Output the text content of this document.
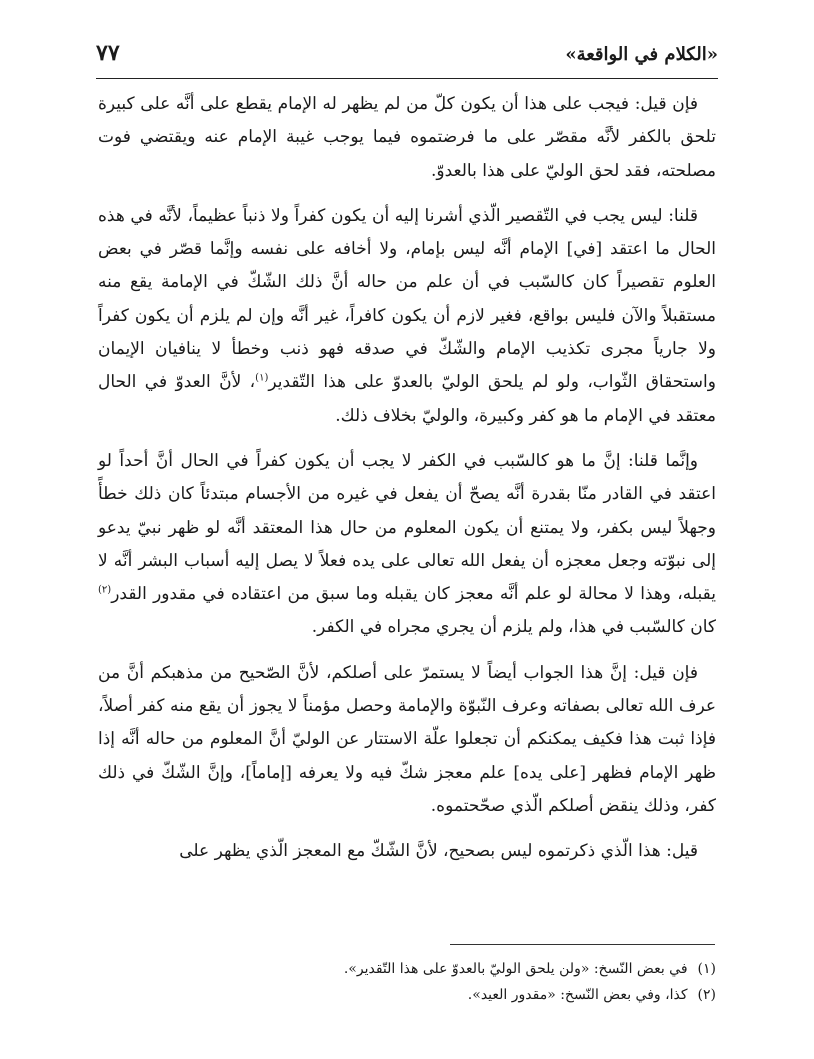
«الكلام في الواقعة»
٧٧

فإن قيل: فيجب على هذا أن يكون كلّ من لم يظهر له الإمام يقطع على أنَّه على كبيرة تلحق بالكفر لأنَّه مقصّر على ما فرضتموه فيما يوجب غيبة الإمام عنه ويقتضي فوت مصلحته، فقد لحق الوليّ على هذا بالعدوّ.

قلنا: ليس يجب في التّقصير الّذي أشرنا إليه أن يكون كفراً ولا ذنباً عظيماً، لأنَّه في هذه الحال ما اعتقد [في] الإمام أنَّه ليس بإمام، ولا أخافه على نفسه وإنَّما قصّر في بعض العلوم تقصيراً كان كالسّبب في أن علم من حاله أنَّ ذلك الشّكّ في الإمامة يقع منه مستقبلاً والآن فليس بواقع، فغير لازم أن يكون كافراً، غير أنَّه وإن لم يلزم أن يكون كفراً ولا جارياً مجرى تكذيب الإمام والشّكّ في صدقه فهو ذنب وخطأ لا ينافيان الإيمان واستحقاق الثّواب، ولو لم يلحق الوليّ بالعدوّ على هذا التّقدير$^{(١)}$، لأنَّ العدوّ في الحال معتقد في الإمام ما هو كفر وكبيرة، والوليّ بخلاف ذلك.

وإنَّما قلنا: إنَّ ما هو كالسّبب في الكفر لا يجب أن يكون كفراً في الحال أنَّ أحداً لو اعتقد في القادر منّا بقدرة أنَّه يصحّ أن يفعل في غيره من الأجسام مبتدئاً كان ذلك خطأً وجهلاً ليس بكفر، ولا يمتنع أن يكون المعلوم من حال هذا المعتقد أنَّه لو ظهر نبيّ يدعو إلى نبوّته وجعل معجزه أن يفعل الله تعالى على يده فعلاً لا يصل إليه أسباب البشر أنَّه لا يقبله، وهذا لا محالة لو علم أنَّه معجز كان يقبله وما سبق من اعتقاده في مقدور القدر$^{(٢)}$ كان كالسّبب في هذا، ولم يلزم أن يجري مجراه في الكفر.

فإن قيل: إنَّ هذا الجواب أيضاً لا يستمرّ على أصلكم، لأنَّ الصّحيح من مذهبكم أنَّ من عرف الله تعالى بصفاته وعرف النّبوّة والإمامة وحصل مؤمناً لا يجوز أن يقع منه كفر أصلاً، فإذا ثبت هذا فكيف يمكنكم أن تجعلوا علّة الاستتار عن الوليّ أنَّ المعلوم من حاله أنَّه إذا ظهر الإمام فظهر [على يده] علم معجز شكّ فيه ولا يعرفه [إماماً]، وإنَّ الشّكّ في ذلك كفر، وذلك ينقض أصلكم الّذي صحّحتموه.

قيل: هذا الّذي ذكرتموه ليس بصحيح، لأنَّ الشّكّ مع المعجز الّذي يظهر على

(١)في بعض النّسخ: «ولن يلحق الوليّ بالعدوّ على هذا التّقدير».
(٢)كذا، وفي بعض النّسخ: «مقدور العيد».
